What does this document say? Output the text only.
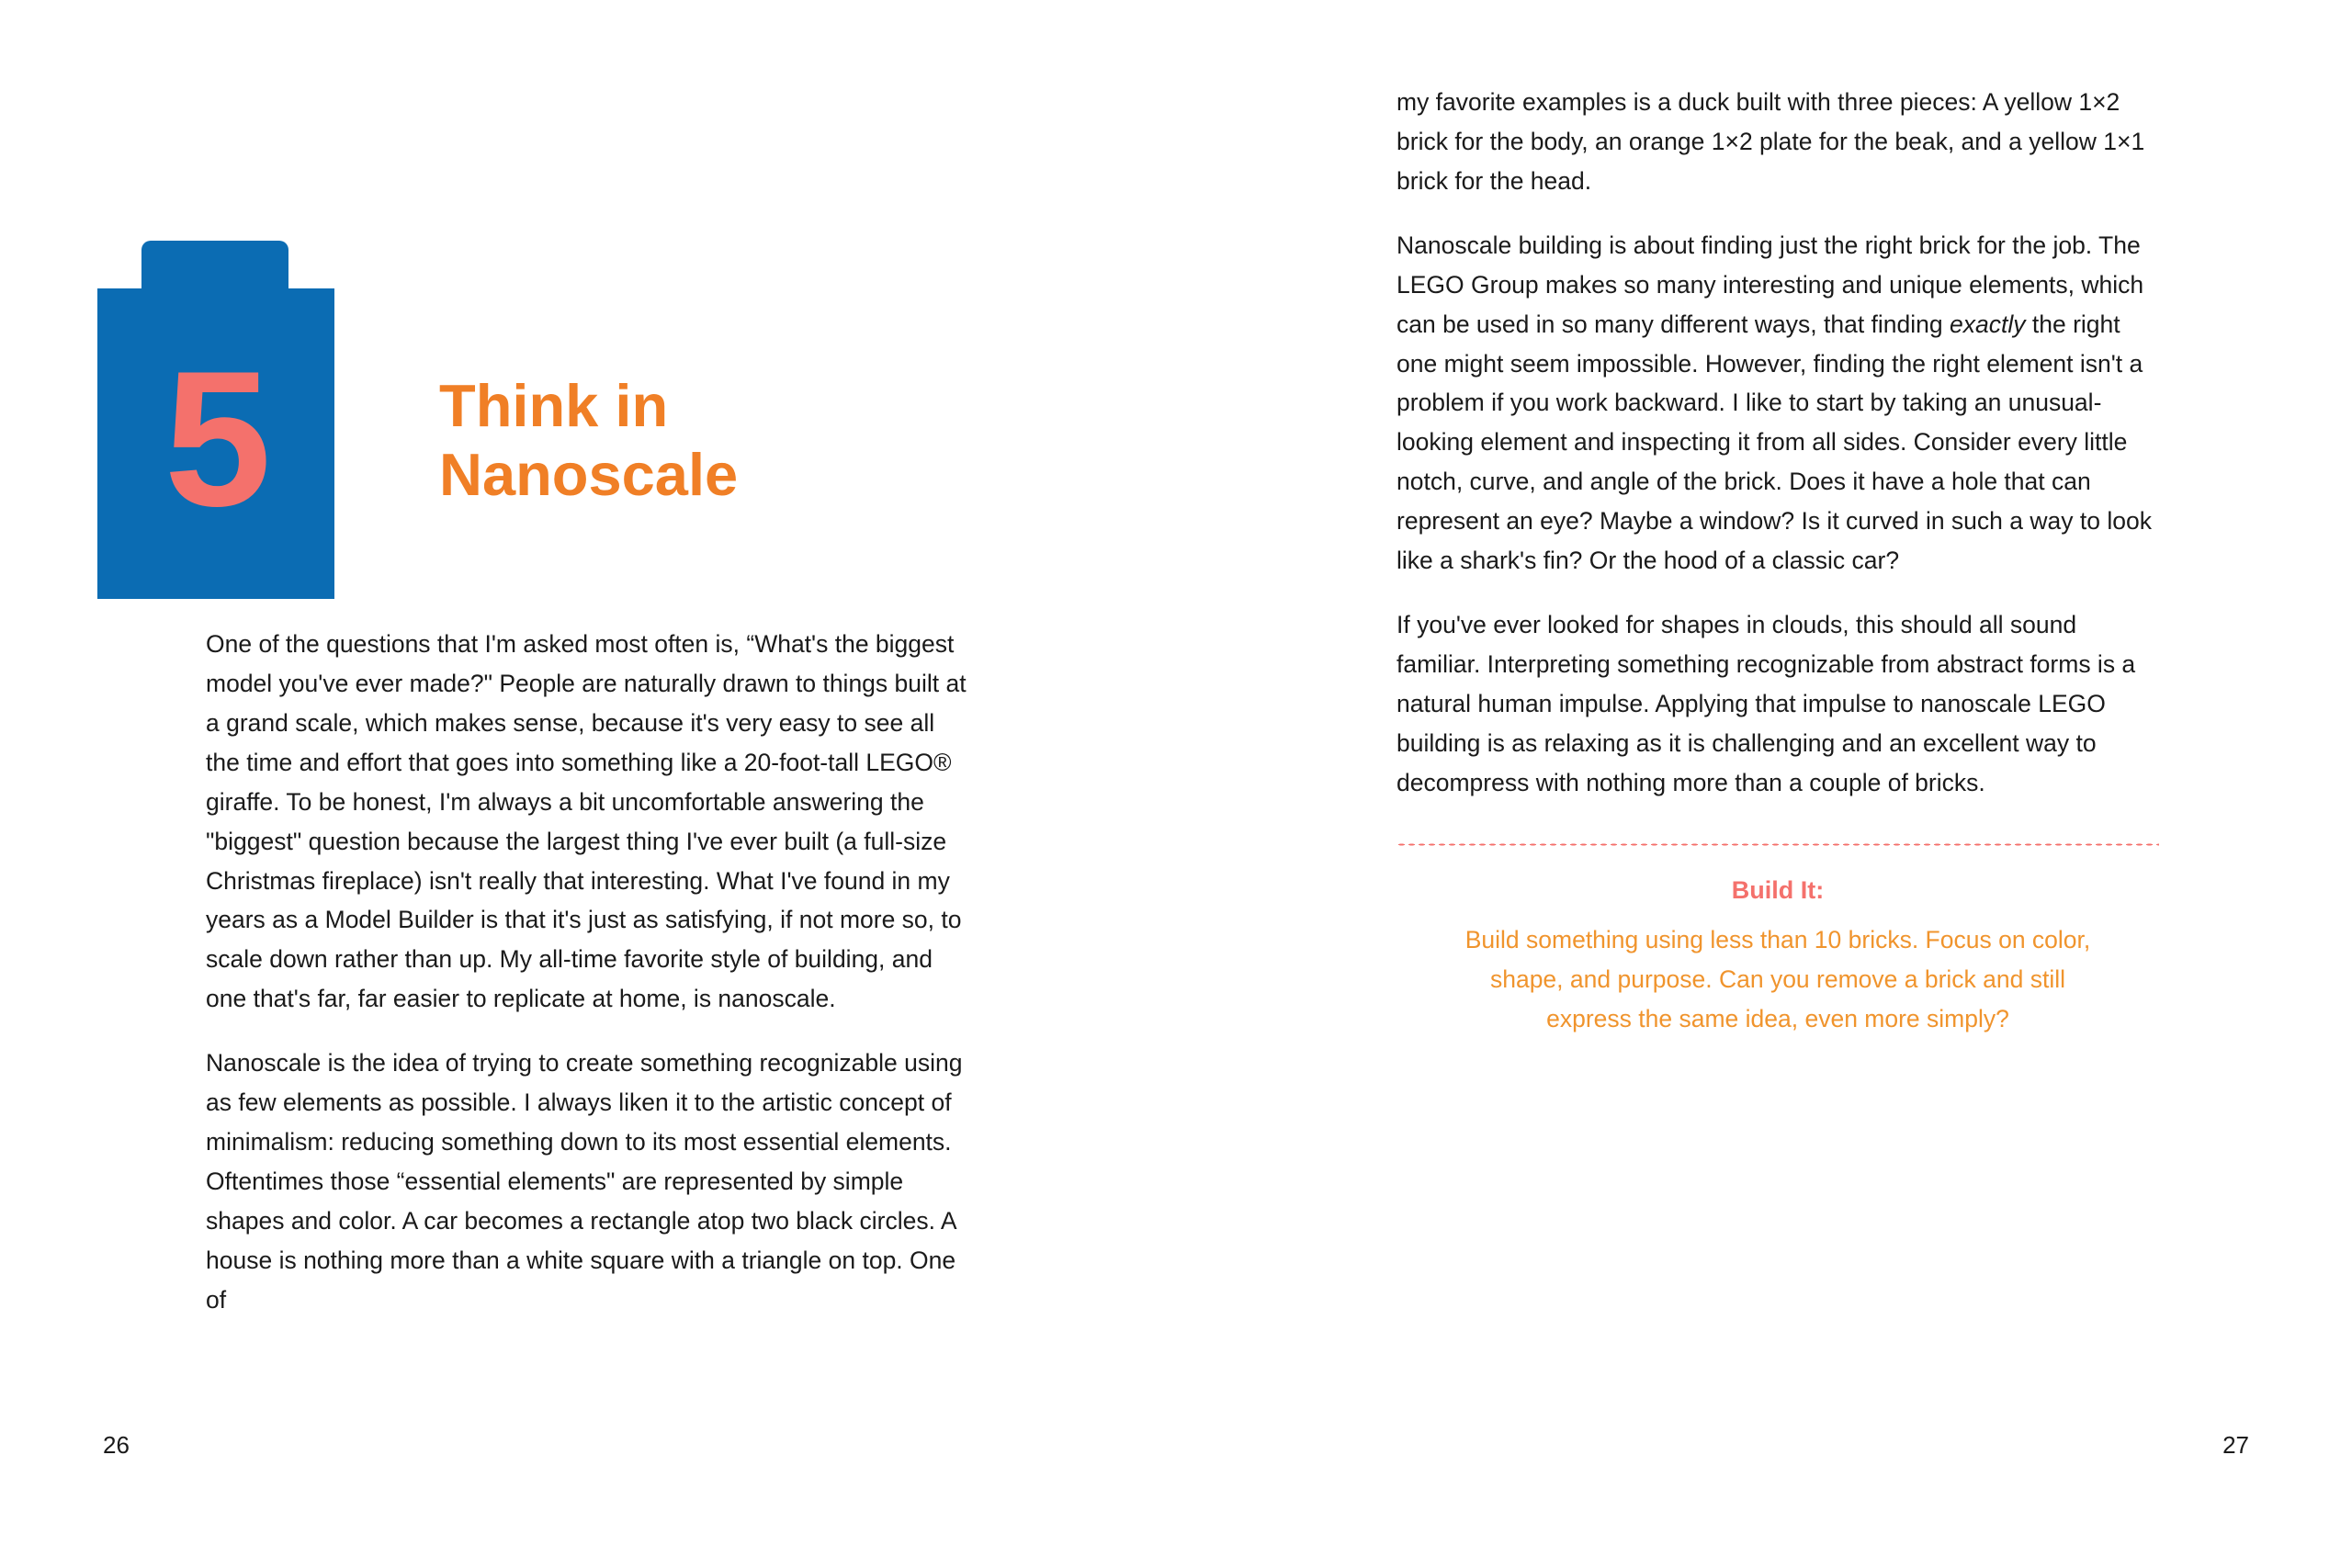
5	Think in
Nanoscale

One of the questions that I'm asked most often is, “What's the biggest model you've ever made?" People are naturally drawn to things built at a grand scale, which makes sense, because it's very easy to see all the time and effort that goes into something like a 20-foot-tall LEGO® giraffe. To be honest, I'm always a bit uncomfortable answering the "biggest" question because the largest thing I've ever built (a full-size Christmas fireplace) isn't really that interesting. What I've found in my years as a Model Builder is that it's just as satisfying, if not more so, to scale down rather than up. My all-time favorite style of building, and one that's far, far easier to replicate at home, is nanoscale.

Nanoscale is the idea of trying to create something recognizable using as few elements as possible. I always liken it to the artistic concept of minimalism: reducing something down to its most essential elements. Oftentimes those “essential elements" are represented by simple shapes and color. A car becomes a rectangle atop two black circles. A house is nothing more than a white square with a triangle on top. One of

26

my favorite examples is a duck built with three pieces: A yellow 1×2 brick for the body, an orange 1×2 plate for the beak, and a yellow 1×1 brick for the head.

Nanoscale building is about finding just the right brick for the job. The LEGO Group makes so many interesting and unique elements, which can be used in so many different ways, that finding exactly the right one might seem impossible. However, finding the right element isn't a problem if you work backward. I like to start by taking an unusual-looking element and inspecting it from all sides. Consider every little notch, curve, and angle of the brick. Does it have a hole that can represent an eye? Maybe a window? Is it curved in such a way to look like a shark's fin? Or the hood of a classic car?

If you've ever looked for shapes in clouds, this should all sound familiar. Interpreting something recognizable from abstract forms is a natural human impulse. Applying that impulse to nanoscale LEGO building is as relaxing as it is challenging and an excellent way to decompress with nothing more than a couple of bricks.

Build It:
Build something using less than 10 bricks. Focus on color, shape, and purpose. Can you remove a brick and still express the same idea, even more simply?
27
